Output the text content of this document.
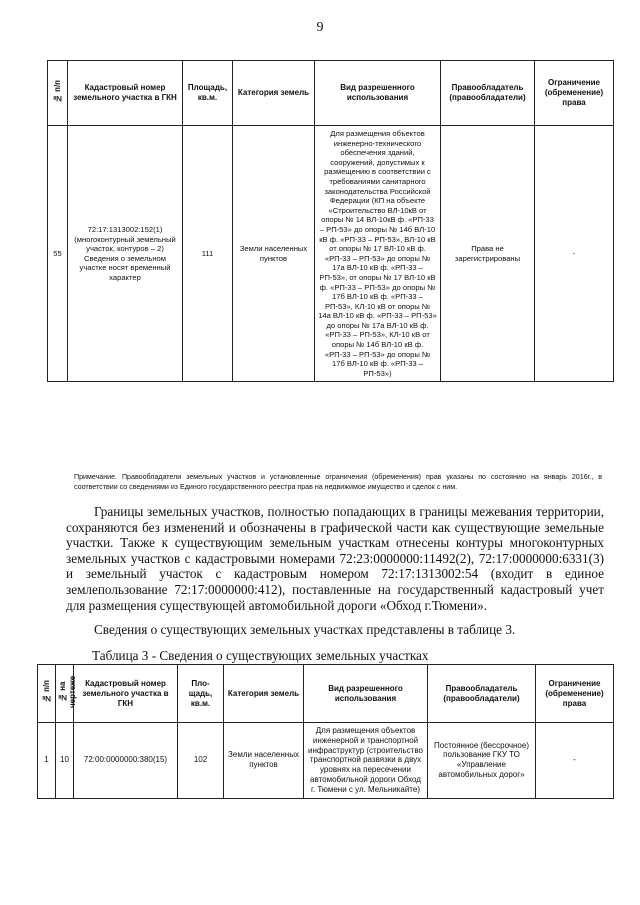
9
№ п/п	Кадастровый номер земельного участка в ГКН	Площадь, кв.м.	Категория земель	Вид разрешенного использования	Правообладатель (правообладатели)	Ограничение (обременение) права
55	72:17:1313002:152(1) (многоконтурный земельный участок, контуров – 2) Сведения о земельном участке носят временный характер	111	Земли населенных пунктов	Для размещения объектов инженерно-технического обеспечения зданий, сооружений, допустимых к размещению в соответствии с требованиями санитарного законодательства Российской Федерации (КП на объекте «Строительство ВЛ-10кВ от опоры № 14 ВЛ-10кВ ф. «РП-33 – РП-53» до опоры № 14б ВЛ-10 кВ ф. «РП-33 – РП-53», ВЛ-10 кВ от опоры № 17 ВЛ-10 кВ ф. «РП-33 – РП-53» до опоры № 17а ВЛ-10 кВ ф. «РП-33 – РП-53», от опоры № 17 ВЛ-10 кВ ф. «РП-33 – РП-53» до опоры № 17б ВЛ-10 кВ ф. «РП-33 – РП-53», КЛ-10 кВ от опоры № 14а ВЛ-10 кВ ф. «РП-33 – РП-53» до опоры № 17а ВЛ-10 кВ ф. «РП-33 – РП-53», КЛ-10 кВ от опоры № 14б ВЛ-10 кВ ф. «РП-33 – РП-53» до опоры № 17б ВЛ-10 кВ ф. «РП-33 – РП-53»)	Права не зарегистрированы	-
Примечание. Правообладатели земельных участков и установленные ограничения (обременения) прав указаны по состоянию на январь 2016г., в соответствии со сведениями из Единого государственного реестра прав на недвижимое имущество и сделок с ним.

Границы земельных участков, полностью попадающих в границы межевания территории, сохраняются без изменений и обозначены в графической части как существующие земельные участки. Также к существующим земельным участкам отнесены контуры многоконтурных земельных участков с кадастровыми номерами 72:23:0000000:11492(2), 72:17:0000000:6331(3) и земельный участок с кадастровым номером 72:17:1313002:54 (входит в единое землепользование 72:17:0000000:412), поставленные на государственный кадастровый учет для размещения существующей автомобильной дороги «Обход г.Тюмени».

Сведения о существующих земельных участках представлены в таблице 3.

Таблица 3 - Сведения о существующих земельных участках
№ п/п	№ на чертеже	Кадастровый номер земельного участка в ГКН	Пло-щадь, кв.м.	Категория земель	Вид разрешенного использования	Правообладатель (правообладатели)	Ограничение (обременение) права
1	10	72:00:0000000:380(15)	102	Земли населенных пунктов	Для размещения объектов инженерной и транспортной инфраструктур (строительство транспортной развязки в двух уровнях на пересечении автомобильной дороги Обход г. Тюмени с ул. Мельникайте)	Постоянное (бессрочное) пользование ГКУ ТО «Управление автомобильных дорог»	-
